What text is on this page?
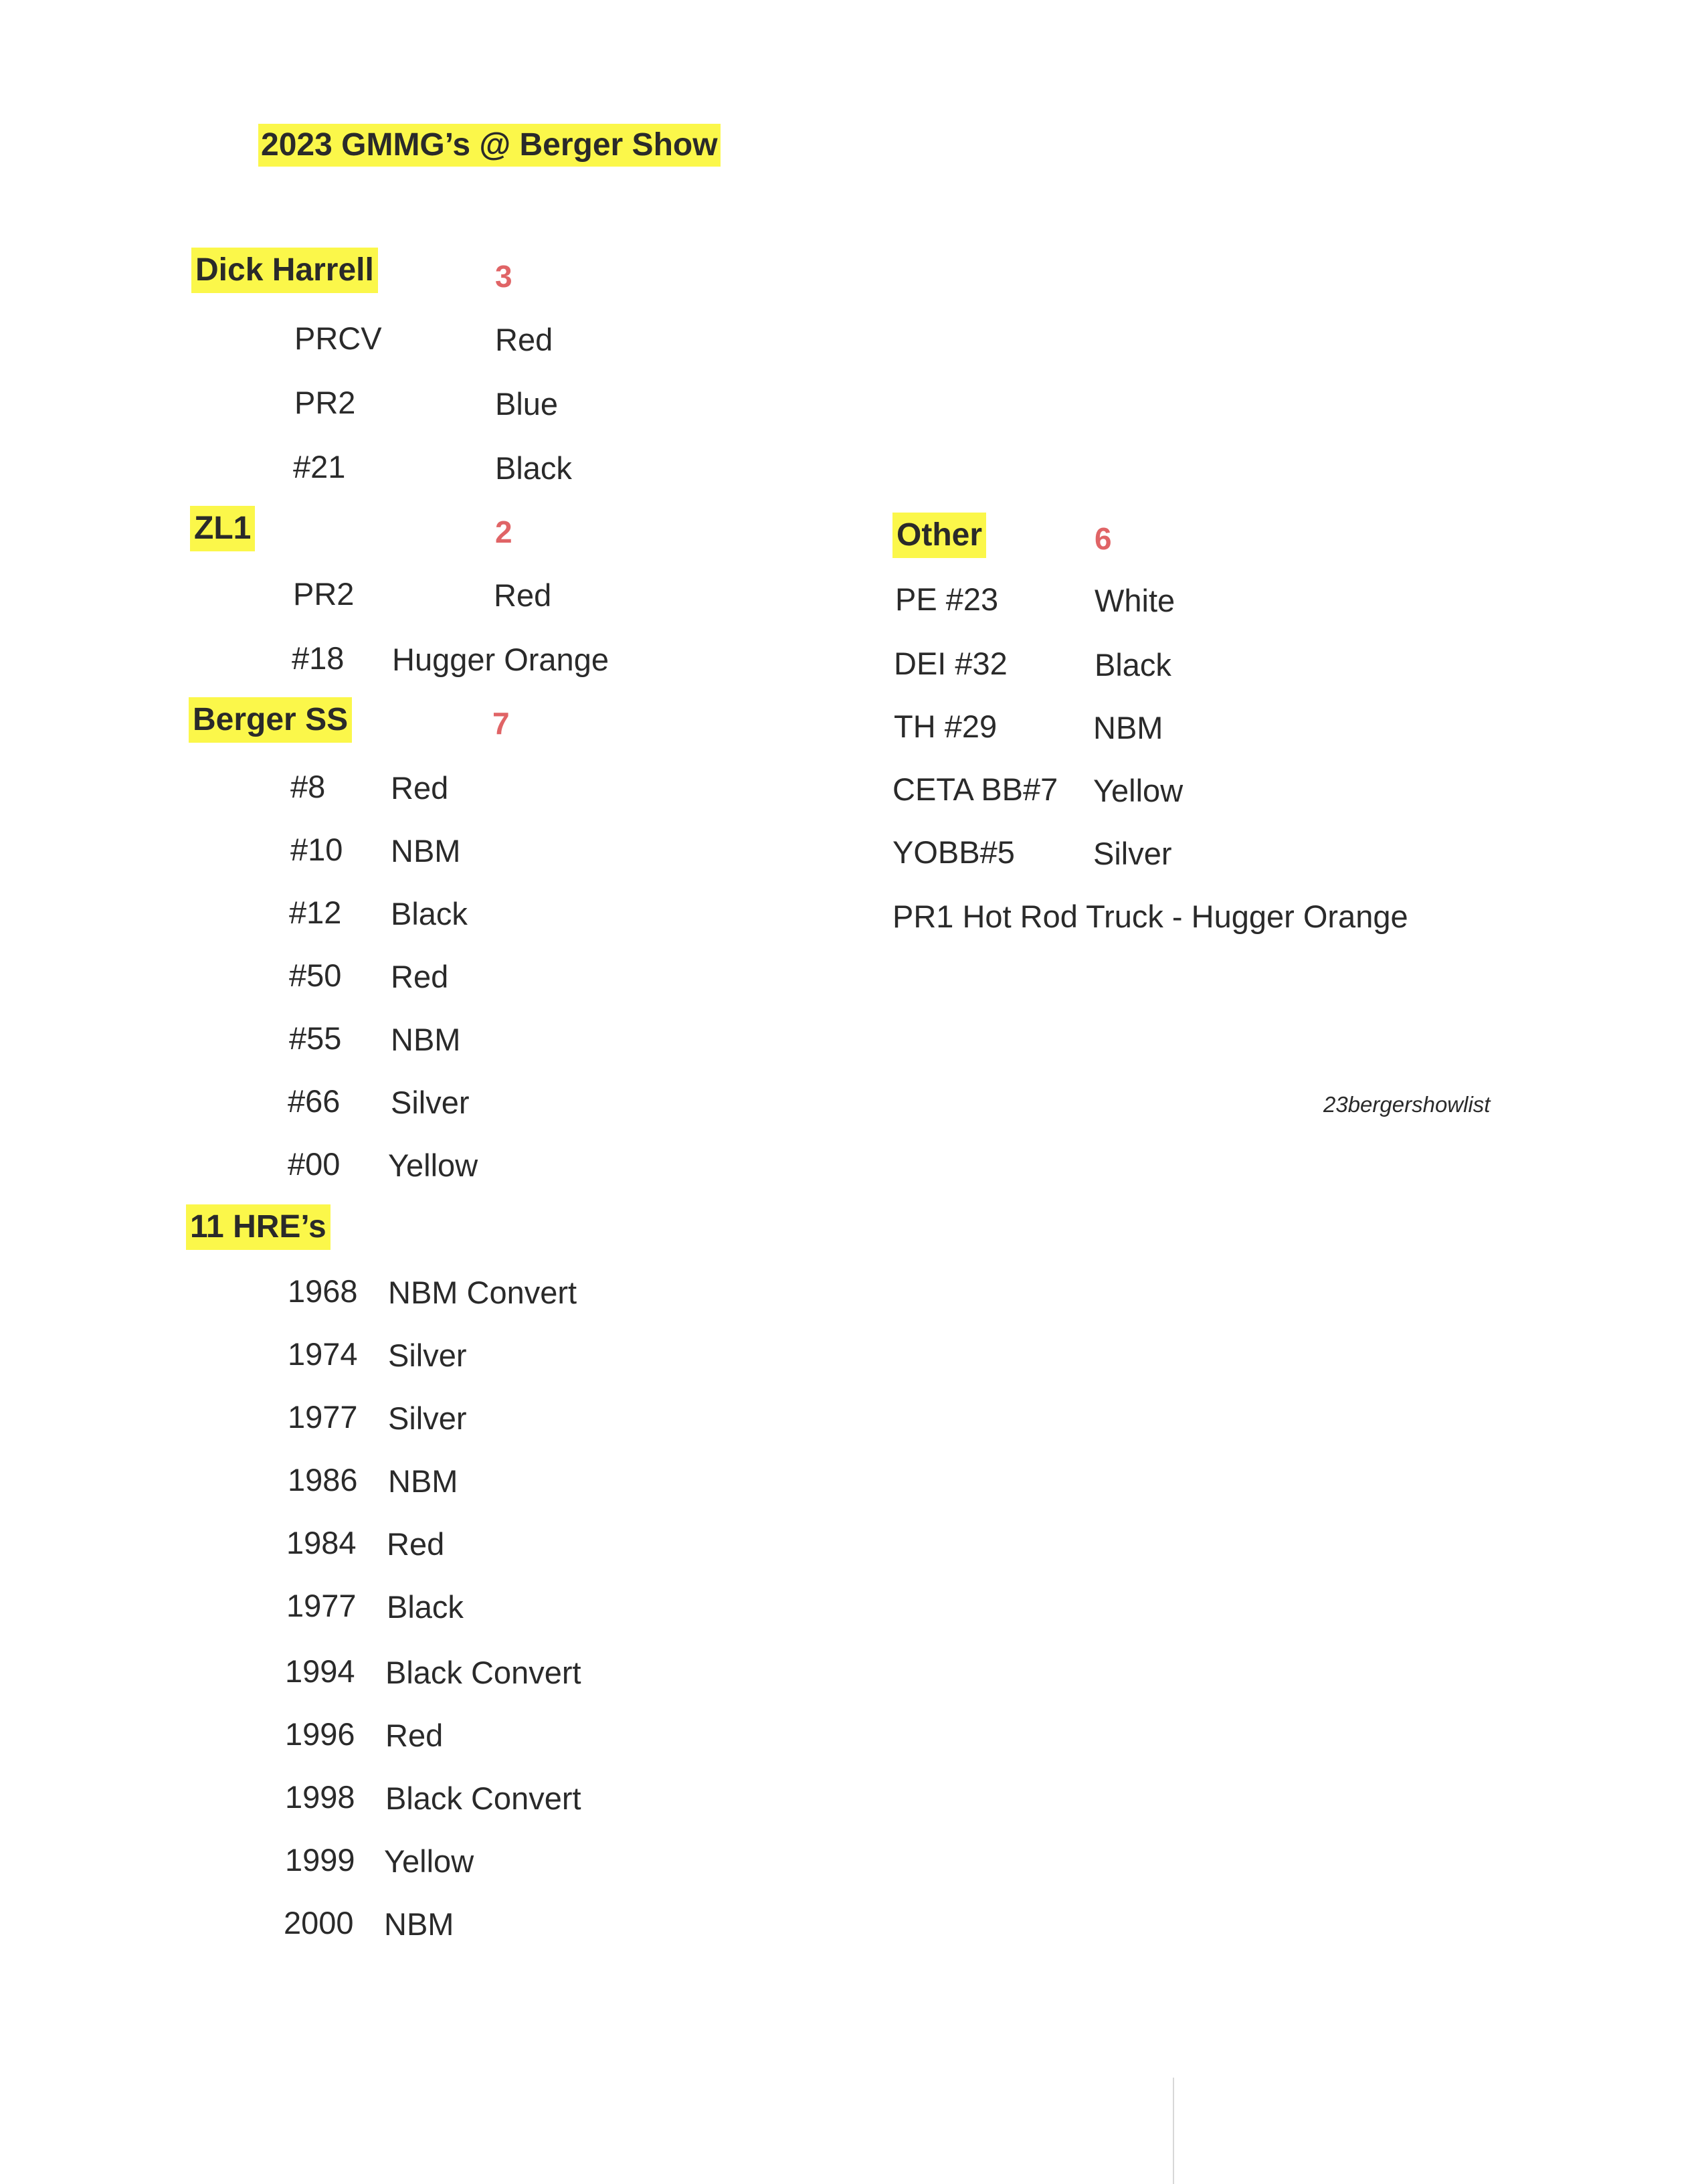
2023 GMMG’s @ Berger Show
Dick Harrell	3
PRCV	Red
PR2	Blue
#21	Black
ZL1	2
PR2	Red
#18 Hugger Orange
Berger SS	7
#8 Red
#10 NBM
#12 Black
#50 Red
#55 NBM
#66 Silver
#00 Yellow
11 HRE’s
1968 NBM Convert
1974 Silver
1977 Silver
1986 NBM
1984 Red
1977 Black
1994 Black Convert
1996 Red
1998 Black Convert
1999 Yellow
2000 NBM
Other	6
PE #23	White
DEI #32	Black
TH #29	NBM
CETA BB#7 Yellow
YOBB#5 Silver
PR1 Hot Rod Truck - Hugger Orange
23bergershowlist
